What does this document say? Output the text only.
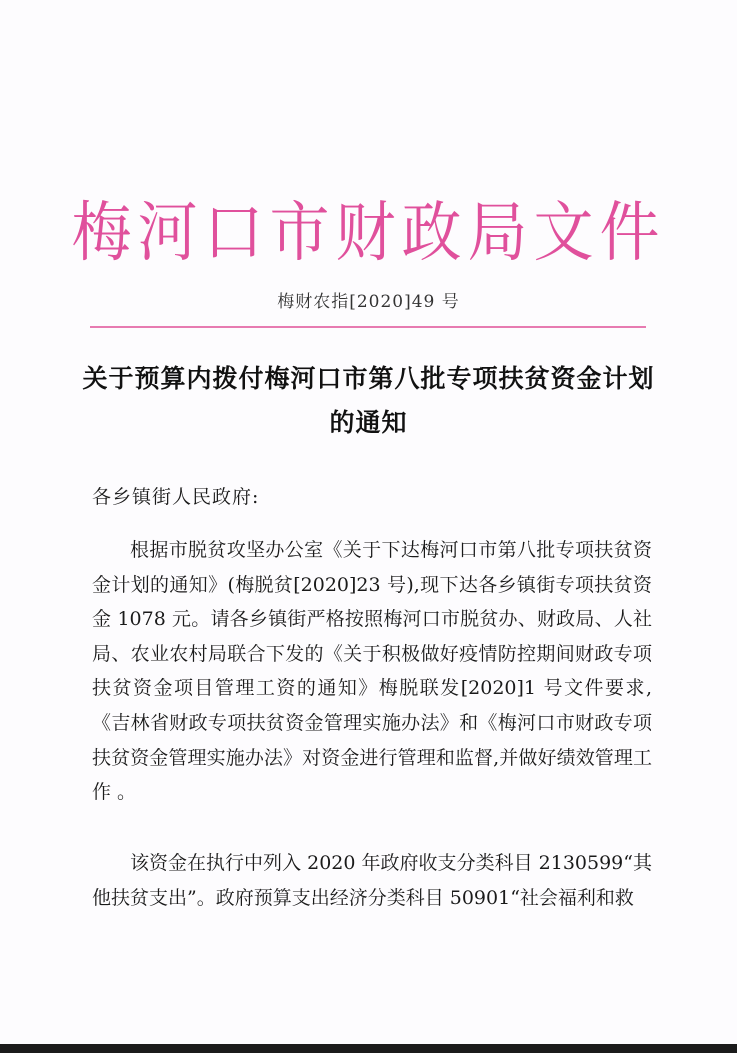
梅河口市财政局文件
梅财农指[2020]49 号
关于预算内拨付梅河口市第八批专项扶贫资金计划的通知
各乡镇街人民政府:

根据市脱贫攻坚办公室《关于下达梅河口市第八批专项扶贫资金计划的通知》(梅脱贫[2020]23 号),现下达各乡镇街专项扶贫资金 1078 元。请各乡镇街严格按照梅河口市脱贫办、财政局、人社局、农业农村局联合下发的《关于积极做好疫情防控期间财政专项扶贫资金项目管理工资的通知》梅脱联发[2020]1 号文件要求,《吉林省财政专项扶贫资金管理实施办法》和《梅河口市财政专项扶贫资金管理实施办法》对资金进行管理和监督,并做好绩效管理工作 。

该资金在执行中列入 2020 年政府收支分类科目 2130599“其他扶贫支出”。政府预算支出经济分类科目 50901“社会福利和救
